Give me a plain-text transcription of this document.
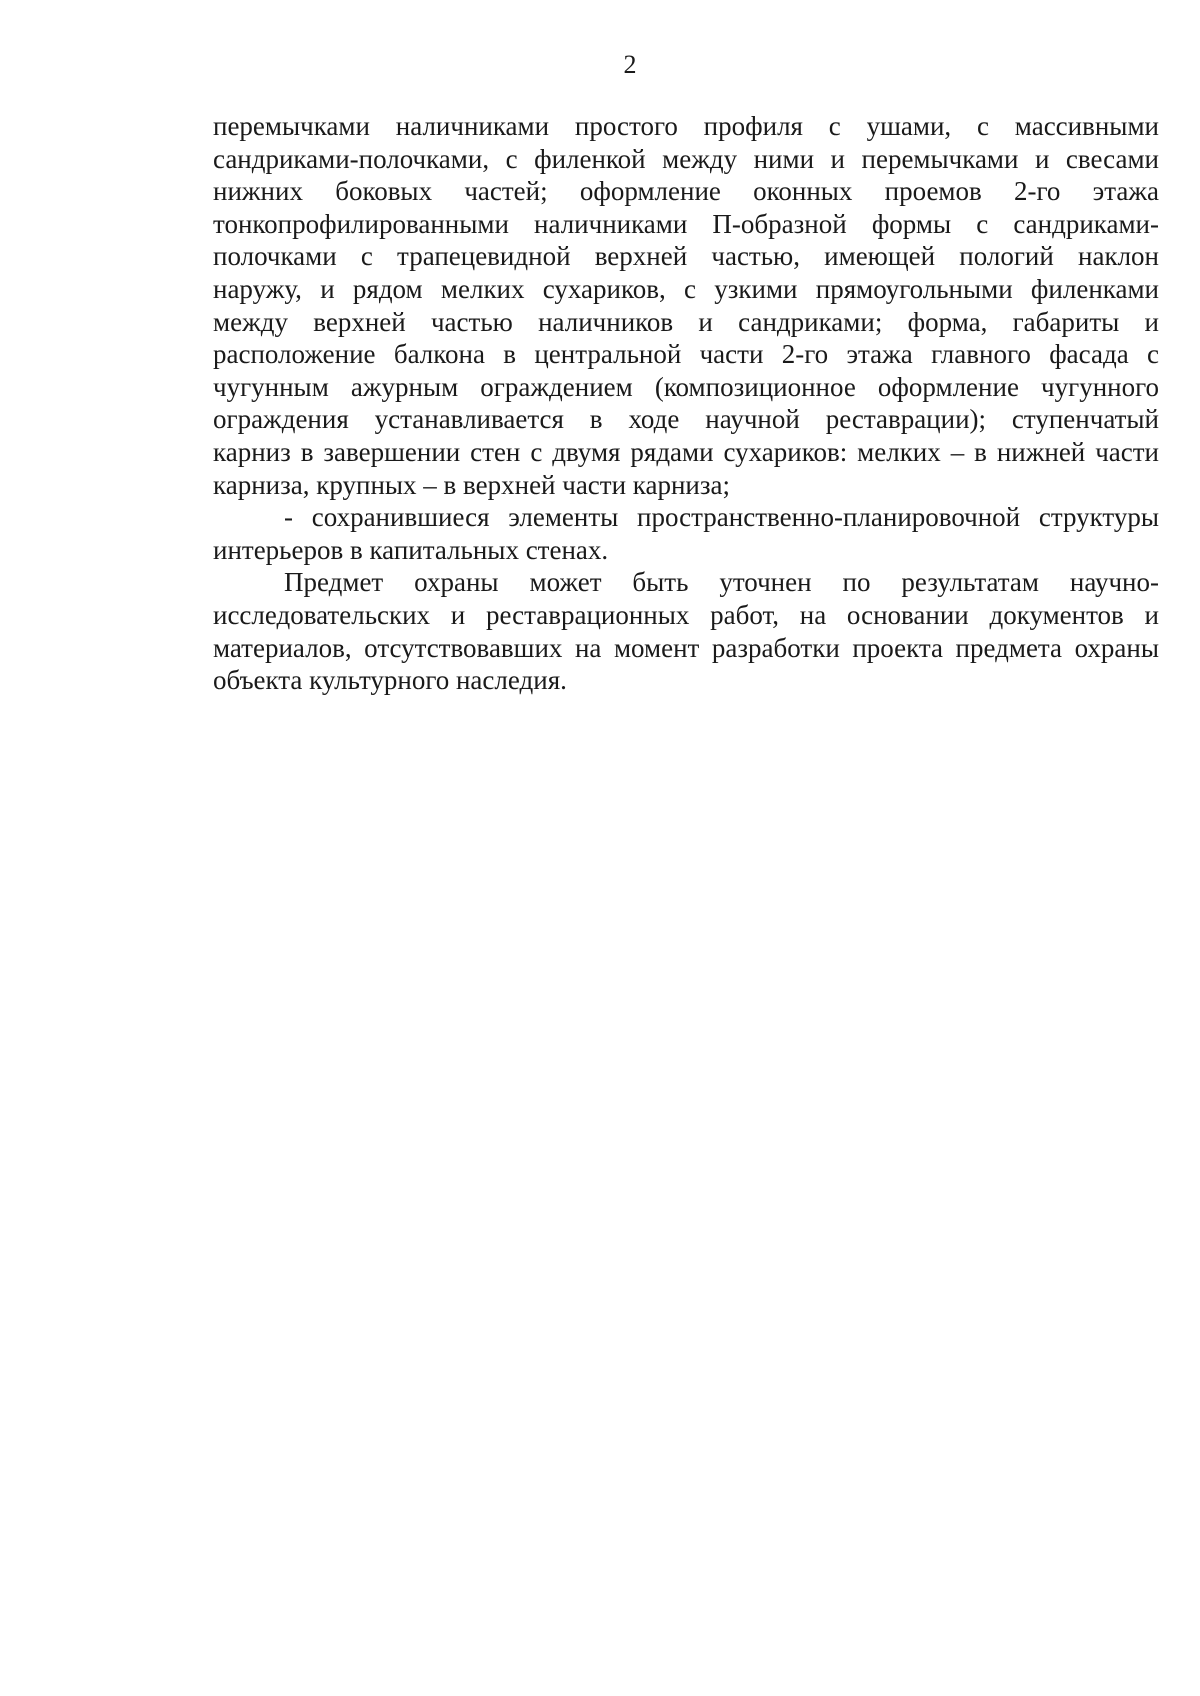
2

перемычками наличниками простого профиля с ушами, с массивными
сандриками-полочками, с филенкой между ними и перемычками и свесами
нижних боковых частей; оформление оконных проемов 2-го этажа
тонкопрофилированными наличниками П-образной формы с сандриками-
полочками с трапецевидной верхней частью, имеющей пологий наклон
наружу, и рядом мелких сухариков, с узкими прямоугольными филенками
между верхней частью наличников и сандриками; форма, габариты и
расположение балкона в центральной части 2-го этажа главного фасада с
чугунным ажурным ограждением (композиционное оформление чугунного
ограждения устанавливается в ходе научной реставрации); ступенчатый
карниз в завершении стен с двумя рядами сухариков: мелких – в нижней части
карниза, крупных – в верхней части карниза;

- сохранившиеся элементы пространственно-планировочной структуры
интерьеров в капитальных стенах.

Предмет охраны может быть уточнен по результатам научно-
исследовательских и реставрационных работ, на основании документов и
материалов, отсутствовавших на момент разработки проекта предмета охраны
объекта культурного наследия.
